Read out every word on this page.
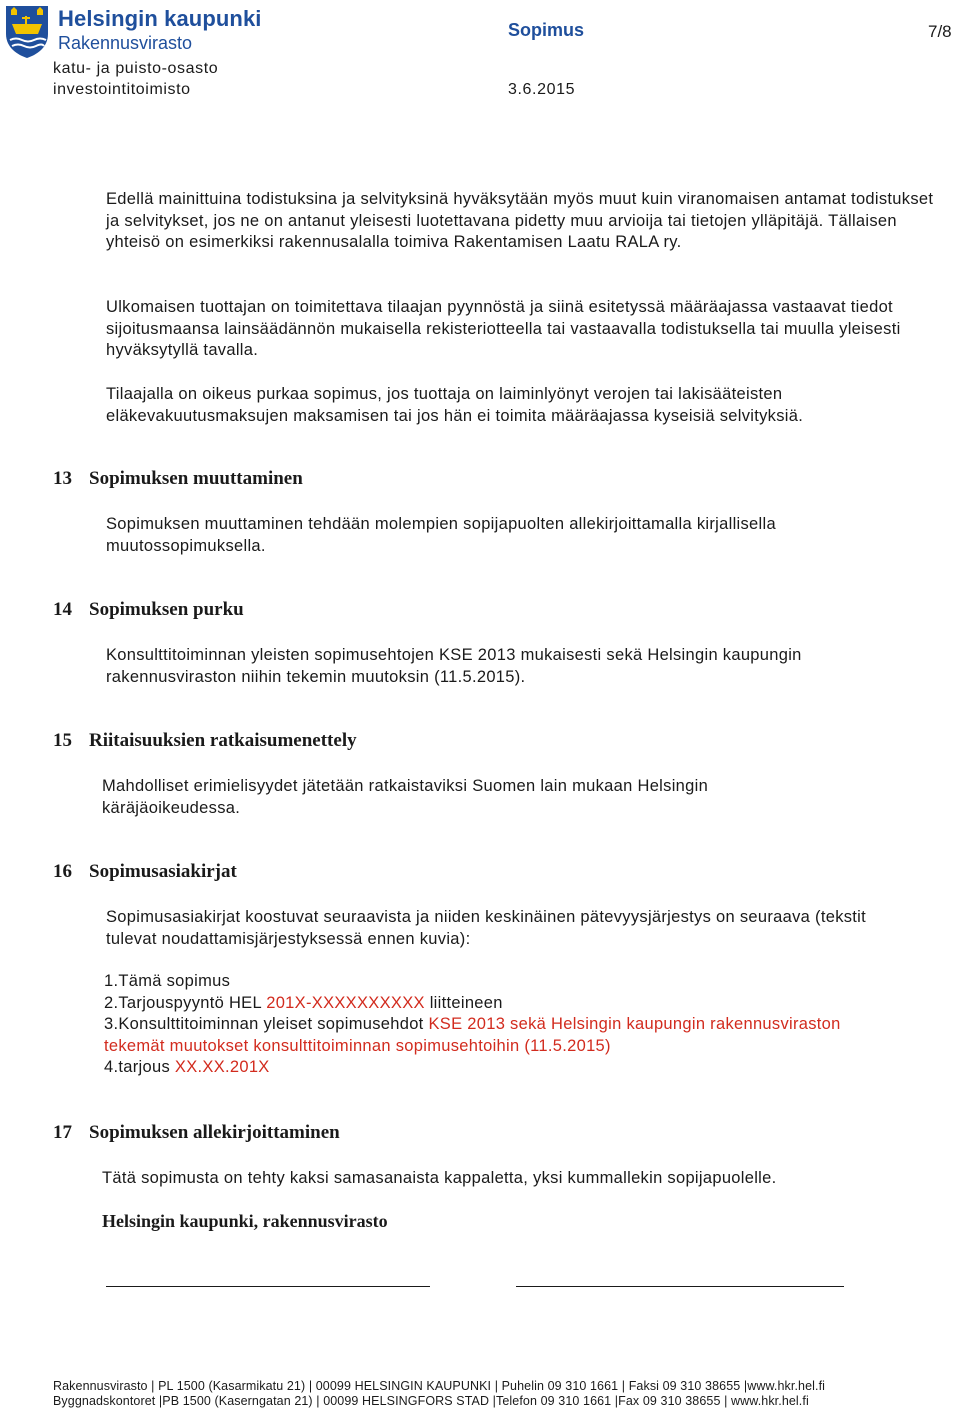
Helsingin kaupunki
Rakennusvirasto
Sopimus	7/8
katu- ja puisto-osasto
investointitoimisto	3.6.2015

Edellä mainittuina todistuksina ja selvityksinä hyväksytään myös muut kuin viranomaisen antamat todistukset ja selvitykset, jos ne on antanut yleisesti luotettavana pidetty muu arvioija tai tietojen ylläpitäjä. Tällaisen yhteisö on esimerkiksi rakennusalalla toimiva Rakentamisen Laatu RALA ry.

Ulkomaisen tuottajan on toimitettava tilaajan pyynnöstä ja siinä esitetyssä määräajassa vastaavat tiedot sijoitusmaansa lainsäädännön mukaisella rekisteriotteella tai vastaavalla todistuksella tai muulla yleisesti hyväksytyllä tavalla.

Tilaajalla on oikeus purkaa sopimus, jos tuottaja on laiminlyönyt verojen tai lakisääteisten eläkevakuutusmaksujen maksamisen tai jos hän ei toimita määräajassa kyseisiä selvityksiä.

13 Sopimuksen muuttaminen

Sopimuksen muuttaminen tehdään molempien sopijapuolten allekirjoittamalla kirjallisella muutossopimuksella.

14 Sopimuksen purku

Konsulttitoiminnan yleisten sopimusehtojen KSE 2013 mukaisesti sekä Helsingin kaupungin rakennusviraston niihin tekemin muutoksin (11.5.2015).

15 Riitaisuuksien ratkaisumenettely

Mahdolliset erimielisyydet jätetään ratkaistaviksi Suomen lain mukaan Helsingin käräjäoikeudessa.

16 Sopimusasiakirjat

Sopimusasiakirjat koostuvat seuraavista ja niiden keskinäinen pätevyysjärjestys on seuraava (tekstit tulevat noudattamisjärjestyksessä ennen kuvia):

1.Tämä sopimus
2.Tarjouspyyntö HEL 201X-XXXXXXXXXX liitteineen
3.Konsulttitoiminnan yleiset sopimusehdot KSE 2013 sekä Helsingin kaupungin rakennusviraston tekemät muutokset konsulttitoiminnan sopimusehtoihin (11.5.2015)
4.tarjous XX.XX.201X
17 Sopimuksen allekirjoittaminen

Tätä sopimusta on tehty kaksi samasanaista kappaletta, yksi kummallekin sopijapuolelle.

Helsingin kaupunki, rakennusvirasto
Rakennusvirasto | PL 1500 (Kasarmikatu 21) | 00099 HELSINGIN KAUPUNKI | Puhelin 09 310 1661 | Faksi 09 310 38655 |www.hkr.hel.fi
Byggnadskontoret |PB 1500 (Kaserngatan 21) | 00099 HELSINGFORS STAD |Telefon 09 310 1661 |Fax 09 310 38655 | www.hkr.hel.fi
